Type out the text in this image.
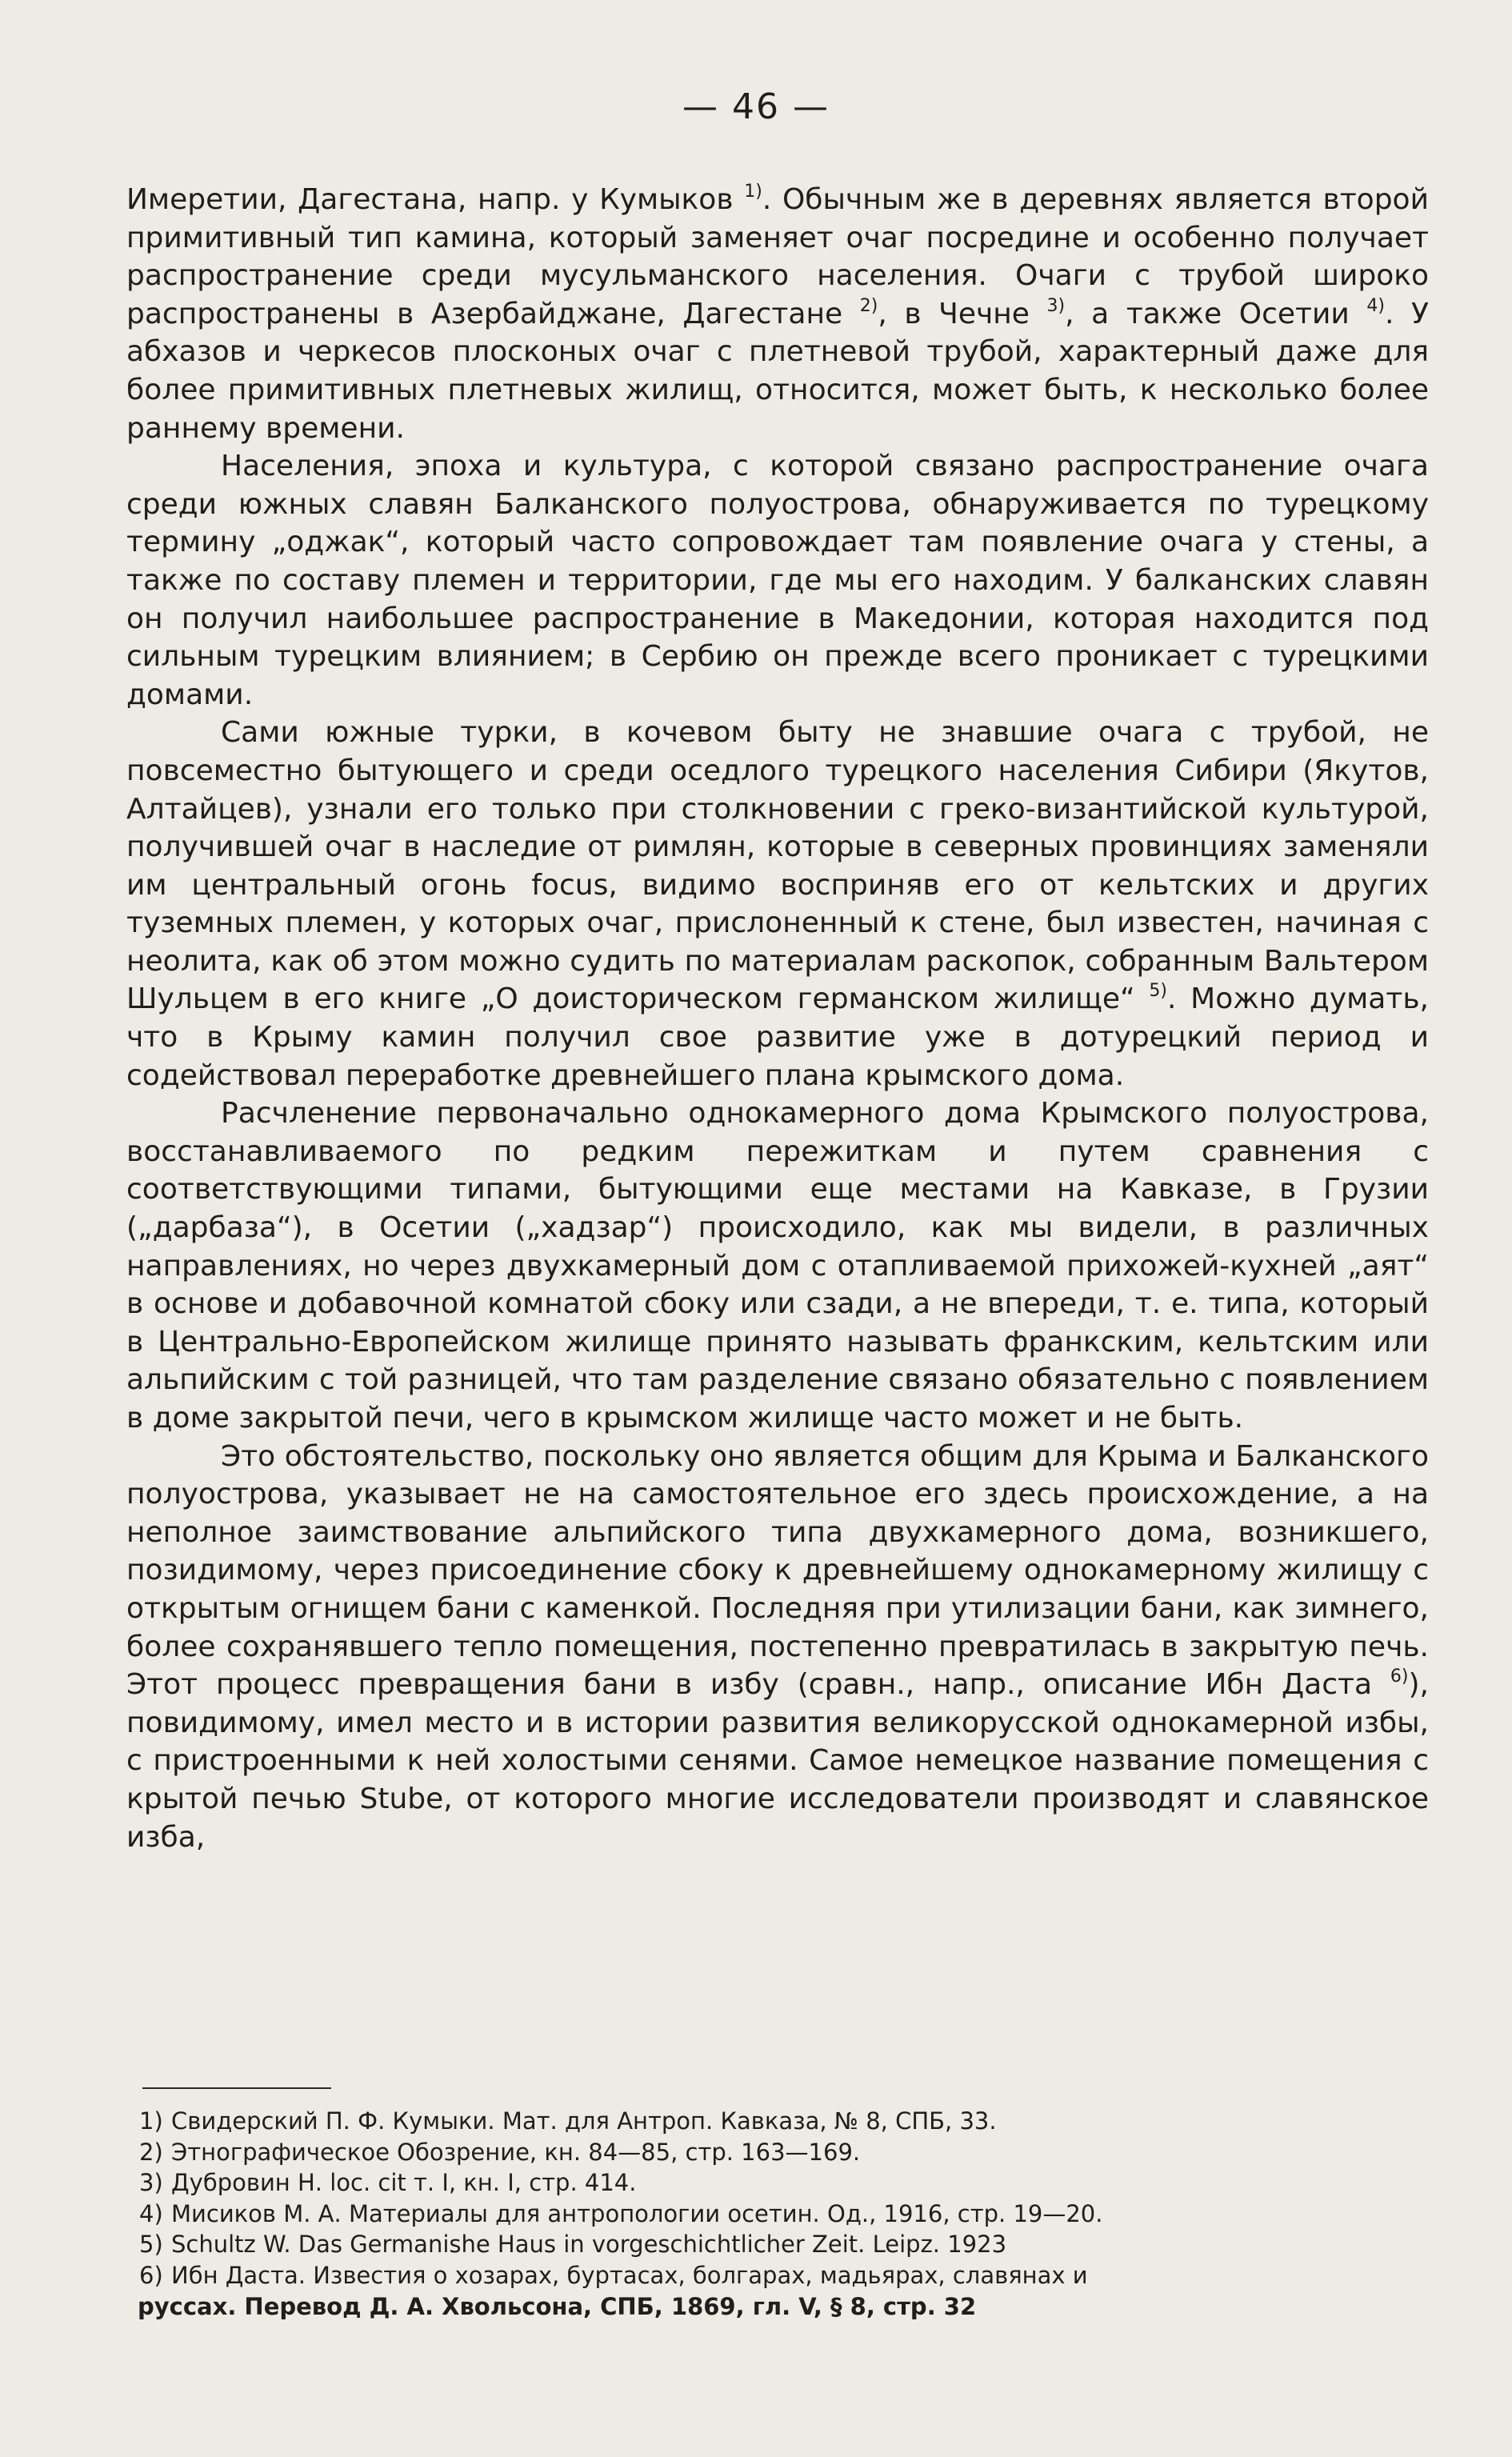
— 46 —

Имеретии, Дагестана, напр. у Кумыков $^{1)}$. Обычным же в деревнях является второй примитивный тип камина, который заменяет очаг посредине и особенно получает распространение среди мусульманского населения. Очаги с трубой широко распространены в Азербайджане, Дагестане $^{2)}$, в Чечне $^{3)}$, а также Осетии $^{4)}$. У абхазов и черкесов плосконых очаг с плетневой трубой, характерный даже для более примитивных плетневых жилищ, относится, может быть, к несколько более раннему времени.

Населения, эпоха и культура, с которой связано распространение очага среди южных славян Балканского полуострова, обнаруживается по турецкому термину „оджак“, который часто сопровождает там появление очага у стены, а также по составу племен и территории, где мы его находим. У балканских славян он получил наибольшее распространение в Македонии, которая находится под сильным турецким влиянием; в Сербию он прежде всего проникает с турецкими домами.

Сами южные турки, в кочевом быту не знавшие очага с трубой, не повсеместно бытующего и среди оседлого турецкого населения Сибири (Якутов, Алтайцев), узнали его только при столкновении с греко-византийской культурой, получившей очаг в наследие от римлян, которые в северных провинциях заменяли им центральный огонь focus, видимо восприняв его от кельтских и других туземных племен, у которых очаг, прислоненный к стене, был известен, начиная с неолита, как об этом можно судить по материалам раскопок, собранным Вальтером Шульцем в его книге „О доисторическом германском жилище“ $^{5)}$. Можно думать, что в Крыму камин получил свое развитие уже в дотурецкий период и содействовал переработке древнейшего плана крымского дома.

Расчленение первоначально однокамерного дома Крымского полуострова, восстанавливаемого по редким пережиткам и путем сравнения с соответствующими типами, бытующими еще местами на Кавказе, в Грузии („дарбаза“), в Осетии („хадзар“) происходило, как мы видели, в различных направлениях, но через двухкамерный дом с отапливаемой прихожей-кухней „аят“ в основе и добавочной комнатой сбоку или сзади, а не впереди, т. е. типа, который в Центрально-Европейском жилище принято называть франкским, кельтским или альпийским с той разницей, что там разделение связано обязательно с появлением в доме закрытой печи, чего в крымском жилище часто может и не быть.

Это обстоятельство, поскольку оно является общим для Крыма и Балканского полуострова, указывает не на самостоятельное его здесь происхождение, а на неполное заимствование альпийского типа двухкамерного дома, возникшего, позидимому, через присоединение сбоку к древнейшему однокамерному жилищу с открытым огнищем бани с каменкой. Последняя при утилизации бани, как зимнего, более сохранявшего тепло помещения, постепенно превратилась в закрытую печь. Этот процесс превращения бани в избу (сравн., напр., описание Ибн Даста $^{6)}$), повидимому, имел место и в истории развития великорусской однокамерной избы, с пристроенными к ней холостыми сенями. Самое немецкое название помещения с крытой печью Stube, от которого многие исследователи производят и славянское изба,

1) Свидерский П. Ф. Кумыки. Мат. для Антроп. Кавказа, № 8, СПБ, 33.
2) Этнографическое Обозрение, кн. 84—85, стр. 163—169.
3) Дубровин Н. loc. cit т. I, кн. I, стр. 414.
4) Мисиков М. А. Материалы для антропологии осетин. Од., 1916, стр. 19—20.
5) Schultz W. Das Germanishe Haus in vorgeschichtlicher Zeit. Leipz. 1923
6) Ибн Даста. Известия о хозарах, буртасах, болгарах, мадьярах, славянах и
руссах. Перевод Д. А. Хвольсона, СПБ, 1869, гл. V, § 8, стр. 32
